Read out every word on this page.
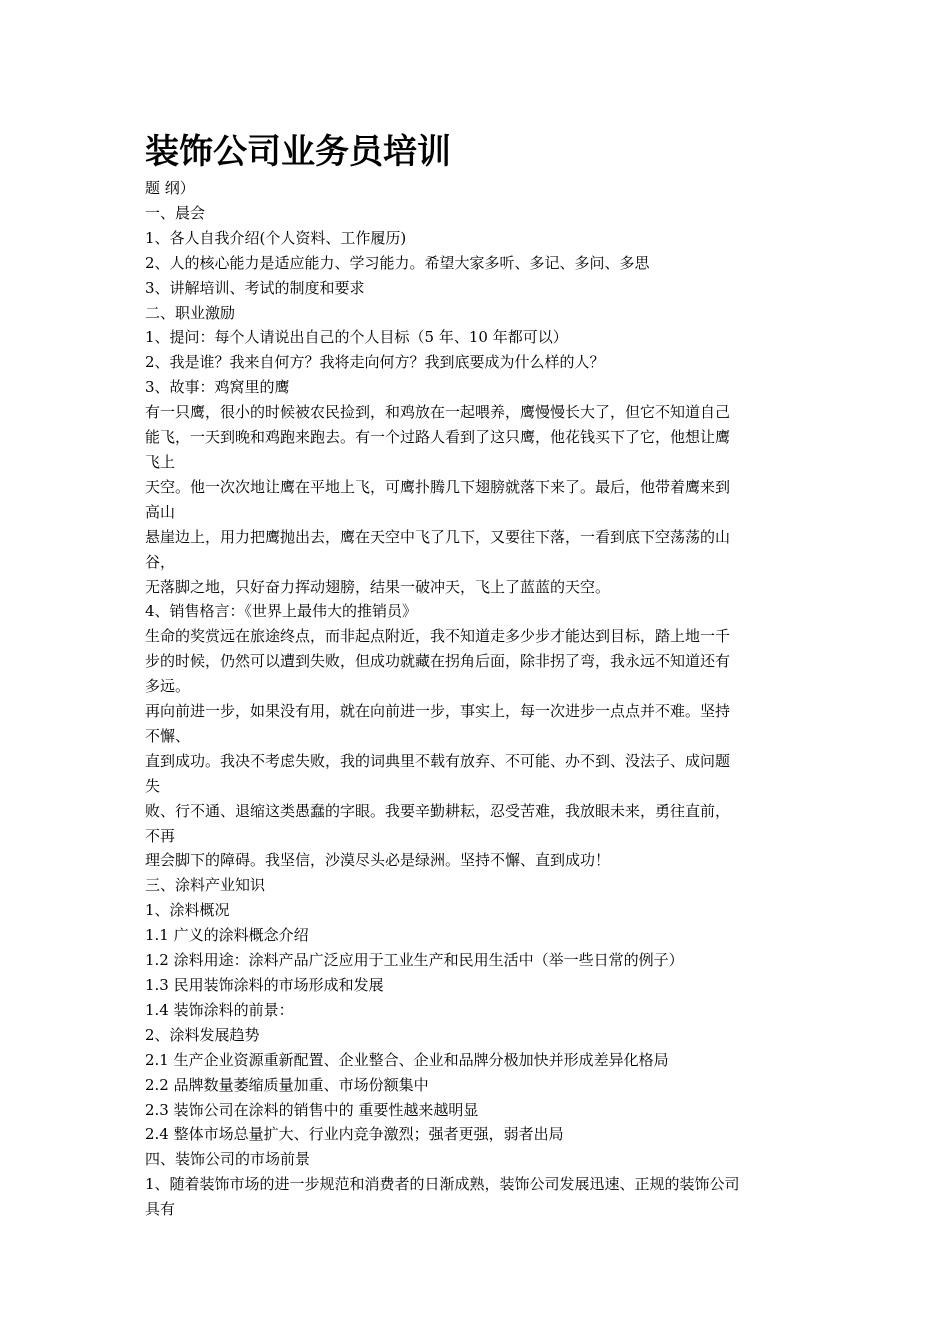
装饰公司业务员培训

题 纲）

一、晨会

1、各人自我介绍(个人资料、工作履历)

2、人的核心能力是适应能力、学习能力。希望大家多听、多记、多问、多思

3、讲解培训、考试的制度和要求

二、职业激励

1、提问：每个人请说出自己的个人目标（5 年、10 年都可以）

2、我是谁？我来自何方？我将走向何方？我到底要成为什么样的人？

3、故事：鸡窝里的鹰

有一只鹰，很小的时候被农民捡到，和鸡放在一起喂养，鹰慢慢长大了，但它不知道自己

能飞，一天到晚和鸡跑来跑去。有一个过路人看到了这只鹰，他花钱买下了它，他想让鹰

飞上

天空。他一次次地让鹰在平地上飞，可鹰扑腾几下翅膀就落下来了。最后，他带着鹰来到

高山

悬崖边上，用力把鹰抛出去，鹰在天空中飞了几下，又要往下落，一看到底下空荡荡的山

谷，

无落脚之地，只好奋力挥动翅膀，结果一破冲天，飞上了蓝蓝的天空。

4、销售格言：《世界上最伟大的推销员》

生命的奖赏远在旅途终点，而非起点附近，我不知道走多少步才能达到目标，踏上地一千

步的时候，仍然可以遭到失败，但成功就藏在拐角后面，除非拐了弯，我永远不知道还有

多远。

再向前进一步，如果没有用，就在向前进一步，事实上，每一次进步一点点并不难。坚持

不懈、

直到成功。我决不考虑失败，我的词典里不载有放弃、不可能、办不到、没法子、成问题

失

败、行不通、退缩这类愚蠢的字眼。我要辛勤耕耘，忍受苦难，我放眼未来，勇往直前，

不再

理会脚下的障碍。我坚信，沙漠尽头必是绿洲。坚持不懈、直到成功！

三、涂料产业知识

1、涂料概况

1.1 广义的涂料概念介绍

1.2 涂料用途：涂料产品广泛应用于工业生产和民用生活中（举一些日常的例子）

1.3 民用装饰涂料的市场形成和发展

1.4 装饰涂料的前景：

2、涂料发展趋势

2.1 生产企业资源重新配置、企业整合、企业和品牌分极加快并形成差异化格局

2.2 品牌数量萎缩质量加重、市场份额集中

2.3 装饰公司在涂料的销售中的 重要性越来越明显

2.4 整体市场总量扩大、行业内竞争激烈；强者更强，弱者出局

四、装饰公司的市场前景

1、随着装饰市场的进一步规范和消费者的日渐成熟，装饰公司发展迅速、正规的装饰公司

具有
